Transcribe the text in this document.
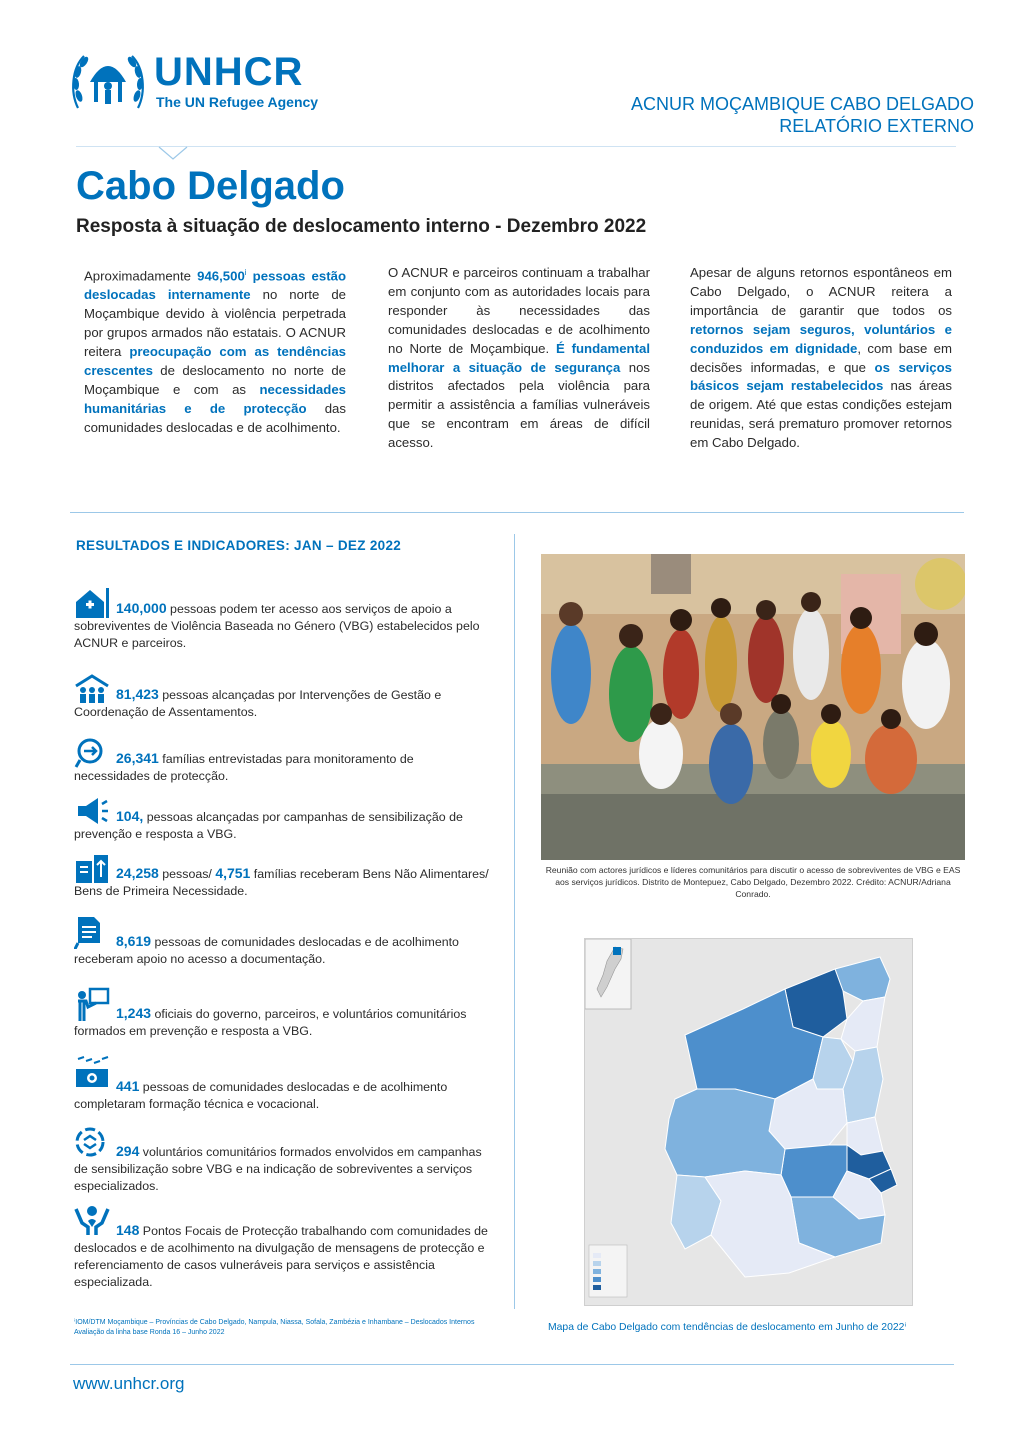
UNHCR
The UN Refugee Agency	ACNUR MOÇAMBIQUE CABO DELGADO
RELATÓRIO EXTERNO
Cabo Delgado
Resposta à situação de deslocamento interno - Dezembro 2022
Aproximadamente 946,500$^i$ pessoas estão deslocadas internamente no norte de Moçambique devido à violência perpetrada por grupos armados não estatais. O ACNUR reitera preocupação com as tendências crescentes de deslocamento no norte de Moçambique e com as necessidades humanitárias e de protecção das comunidades deslocadas e de acolhimento.
O ACNUR e parceiros continuam a trabalhar em conjunto com as autoridades locais para responder às necessidades das comunidades deslocadas e de acolhimento no Norte de Moçambique. É fundamental melhorar a situação de segurança nos distritos afectados pela violência para permitir a assistência a famílias vulneráveis que se encontram em áreas de difícil acesso.
Apesar de alguns retornos espontâneos em Cabo Delgado, o ACNUR reitera a importância de garantir que todos os retornos sejam seguros, voluntários e conduzidos em dignidade, com base em decisões informadas, e que os serviços básicos sejam restabelecidos nas áreas de origem. Até que estas condições estejam reunidas, será prematuro promover retornos em Cabo Delgado.
RESULTADOS E INDICADORES: JAN – DEZ 2022
140,000 pessoas podem ter acesso aos serviços de apoio a sobreviventes de Violência Baseada no Género (VBG) estabelecidos pelo ACNUR e parceiros.
81,423 pessoas alcançadas por Intervenções de Gestão e Coordenação de Assentamentos.
26,341 famílias entrevistadas para monitoramento de necessidades de protecção.
104, pessoas alcançadas por campanhas de sensibilização de prevenção e resposta a VBG.
24,258 pessoas/ 4,751 famílias receberam Bens Não Alimentares/ Bens de Primeira Necessidade.
8,619 pessoas de comunidades deslocadas e de acolhimento receberam apoio no acesso a documentação.
1,243 oficiais do governo, parceiros, e voluntários comunitários formados em prevenção e resposta a VBG.
441 pessoas de comunidades deslocadas e de acolhimento completaram formação técnica e vocacional.
294 voluntários comunitários formados envolvidos em campanhas de sensibilização sobre VBG e na indicação de sobreviventes a serviços especializados.
148 Pontos Focais de Protecção trabalhando com comunidades de deslocados e de acolhimento na divulgação de mensagens de protecção e referenciamento de casos vulneráveis para serviços e assistência especializada.
ⁱIOM/DTM Moçambique – Províncias de Cabo Delgado, Nampula, Niassa, Sofala, Zambézia e Inhambane – Deslocados Internos Avaliação da linha base Ronda 16 – Junho 2022
Reunião com actores jurídicos e líderes comunitários para discutir o acesso de sobreviventes de VBG e EAS aos serviços jurídicos. Distrito de Montepuez, Cabo Delgado, Dezembro 2022. Crédito: ACNUR/Adriana Conrado.
Mapa de Cabo Delgado com tendências de deslocamento em Junho de 2022ⁱ
www.unhcr.org
